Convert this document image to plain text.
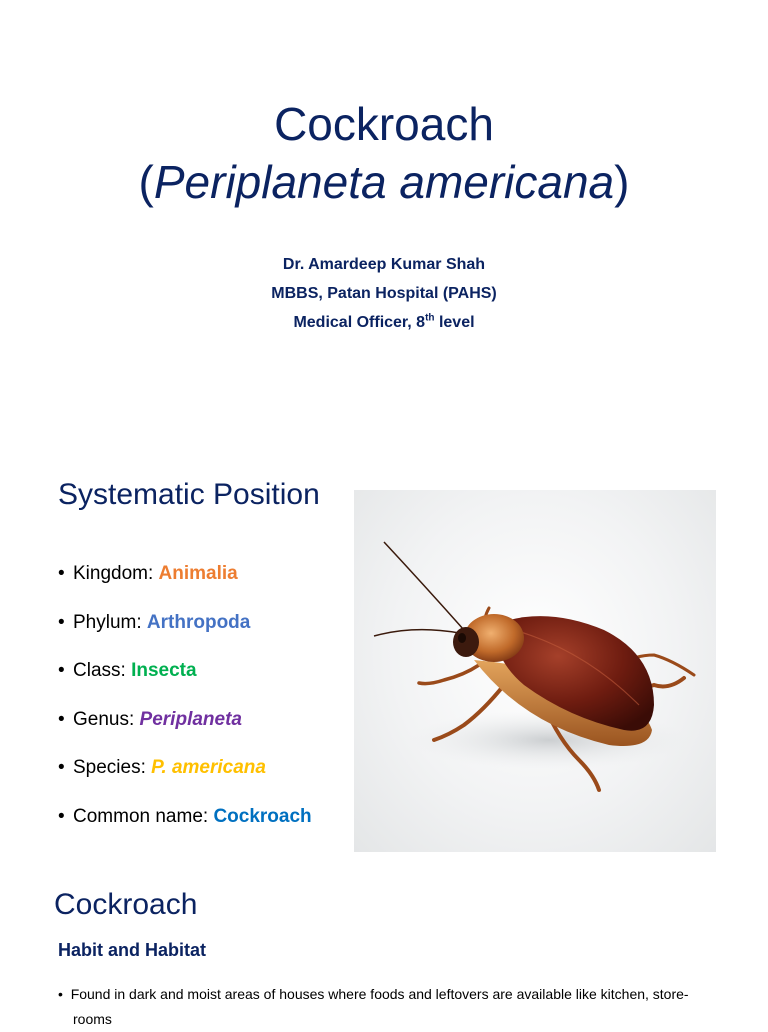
Cockroach
(Periplaneta americana)
Dr. Amardeep Kumar Shah
MBBS, Patan Hospital (PAHS)
Medical Officer, 8th level
Systematic Position
• Kingdom: Animalia
• Phylum: Arthropoda
• Class: Insecta
• Genus: Periplaneta
• Species: P. americana
• Common name: Cockroach
Cockroach
Habit and Habitat

• Found in dark and moist areas of houses where foods and leftovers are available like kitchen, store-rooms
